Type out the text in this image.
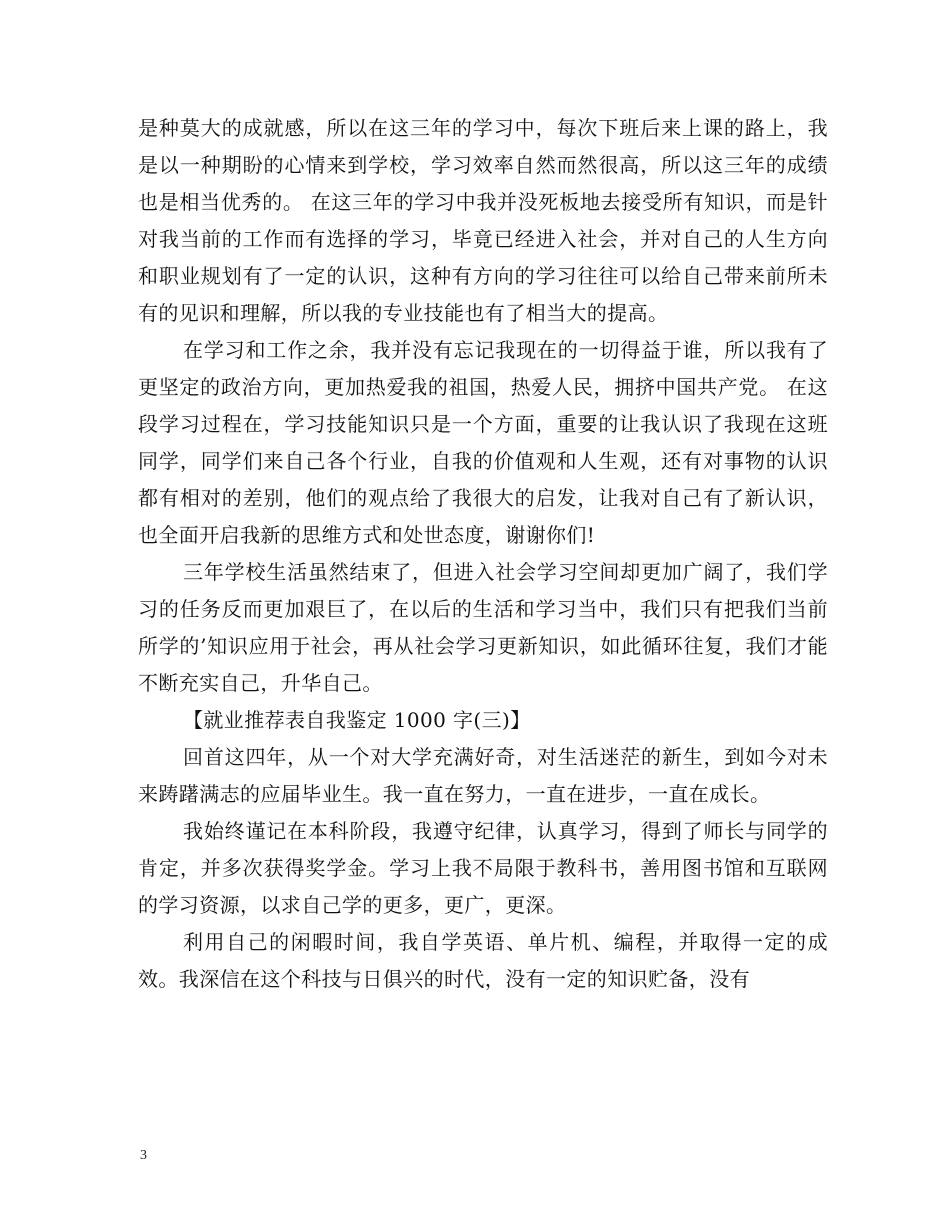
是种莫大的成就感，所以在这三年的学习中，每次下班后来上课的路上，我是以一种期盼的心情来到学校，学习效率自然而然很高，所以这三年的成绩也是相当优秀的。 在这三年的学习中我并没死板地去接受所有知识，而是针对我当前的工作而有选择的学习，毕竟已经进入社会，并对自己的人生方向和职业规划有了一定的认识，这种有方向的学习往往可以给自己带来前所未有的见识和理解，所以我的专业技能也有了相当大的提高。

在学习和工作之余，我并没有忘记我现在的一切得益于谁，所以我有了更坚定的政治方向，更加热爱我的祖国，热爱人民，拥挤中国共产党。 在这段学习过程在，学习技能知识只是一个方面，重要的让我认识了我现在这班同学，同学们来自己各个行业，自我的价值观和人生观，还有对事物的认识都有相对的差别，他们的观点给了我很大的启发，让我对自己有了新认识，也全面开启我新的思维方式和处世态度，谢谢你们!

三年学校生活虽然结束了，但进入社会学习空间却更加广阔了，我们学习的任务反而更加艰巨了，在以后的生活和学习当中，我们只有把我们当前所学的’知识应用于社会，再从社会学习更新知识，如此循环往复，我们才能不断充实自己，升华自己。

【就业推荐表自我鉴定 1000 字(三)】

回首这四年，从一个对大学充满好奇，对生活迷茫的新生，到如今对未来踌躇满志的应届毕业生。我一直在努力，一直在进步，一直在成长。

我始终谨记在本科阶段，我遵守纪律，认真学习，得到了师长与同学的肯定，并多次获得奖学金。学习上我不局限于教科书，善用图书馆和互联网的学习资源，以求自己学的更多，更广，更深。

利用自己的闲暇时间，我自学英语、单片机、编程，并取得一定的成效。我深信在这个科技与日俱兴的时代，没有一定的知识贮备，没有

3
